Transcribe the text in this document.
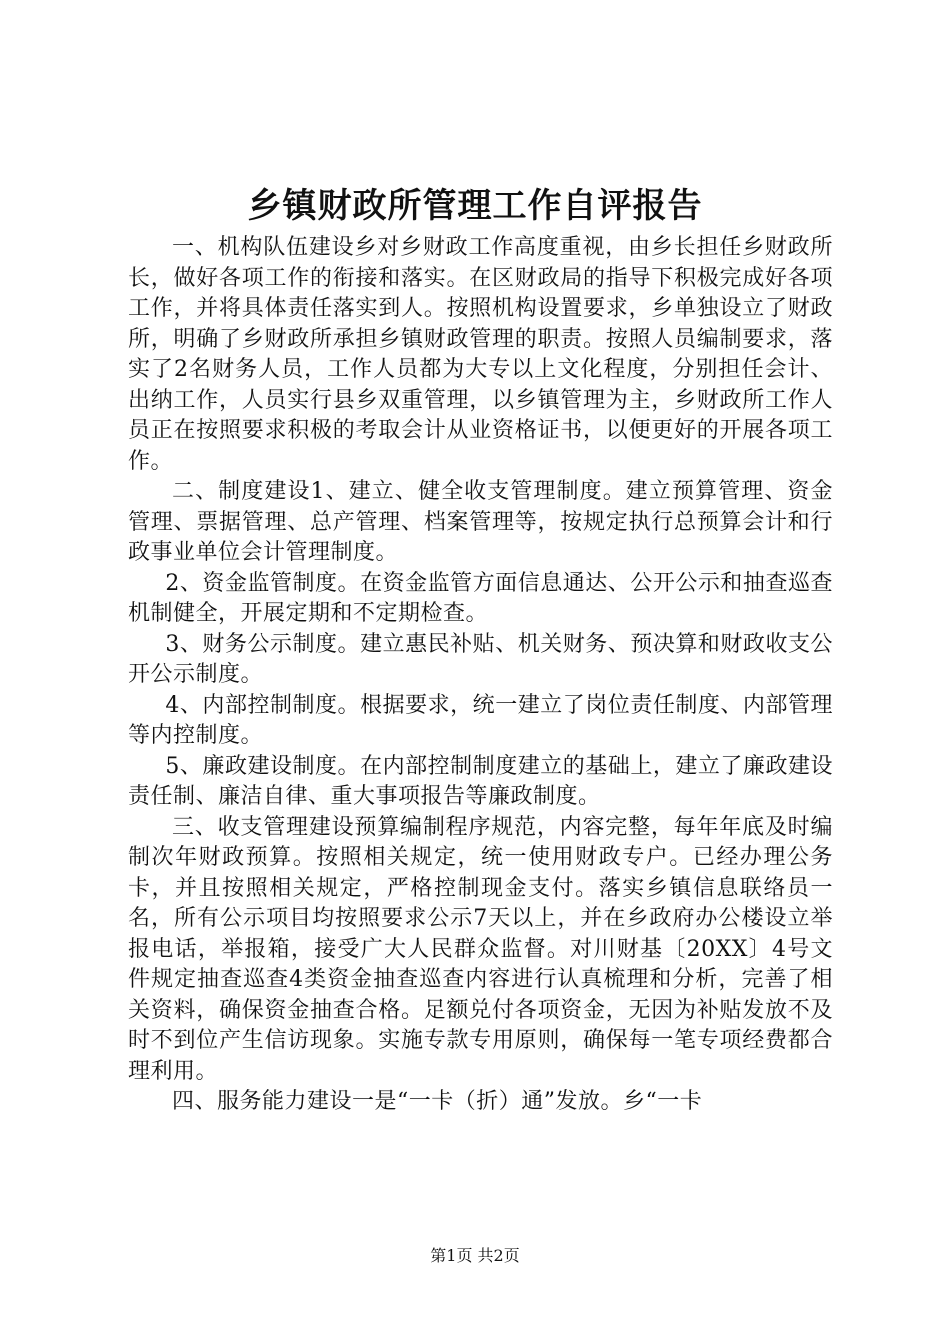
乡镇财政所管理工作自评报告

一、机构队伍建设乡对乡财政工作高度重视，由乡长担任乡财政所长，做好各项工作的衔接和落实。在区财政局的指导下积极完成好各项工作，并将具体责任落实到人。按照机构设置要求，乡单独设立了财政所，明确了乡财政所承担乡镇财政管理的职责。按照人员编制要求，落实了2名财务人员，工作人员都为大专以上文化程度，分别担任会计、出纳工作，人员实行县乡双重管理，以乡镇管理为主，乡财政所工作人员正在按照要求积极的考取会计从业资格证书，以便更好的开展各项工作。

二、制度建设1、建立、健全收支管理制度。建立预算管理、资金管理、票据管理、总产管理、档案管理等，按规定执行总预算会计和行政事业单位会计管理制度。

2、资金监管制度。在资金监管方面信息通达、公开公示和抽查巡查机制健全，开展定期和不定期检查。

3、财务公示制度。建立惠民补贴、机关财务、预决算和财政收支公开公示制度。

4、内部控制制度。根据要求，统一建立了岗位责任制度、内部管理等内控制度。

5、廉政建设制度。在内部控制制度建立的基础上，建立了廉政建设责任制、廉洁自律、重大事项报告等廉政制度。

三、收支管理建设预算编制程序规范，内容完整，每年年底及时编制次年财政预算。按照相关规定，统一使用财政专户。已经办理公务卡，并且按照相关规定，严格控制现金支付。落实乡镇信息联络员一名，所有公示项目均按照要求公示7天以上，并在乡政府办公楼设立举报电话，举报箱，接受广大人民群众监督。对川财基〔20XX〕4号文件规定抽查巡查4类资金抽查巡查内容进行认真梳理和分析，完善了相关资料，确保资金抽查合格。足额兑付各项资金，无因为补贴发放不及时不到位产生信访现象。实施专款专用原则，确保每一笔专项经费都合理利用。

四、服务能力建设一是“一卡（折）通”发放。乡“一卡

第1页 共2页
